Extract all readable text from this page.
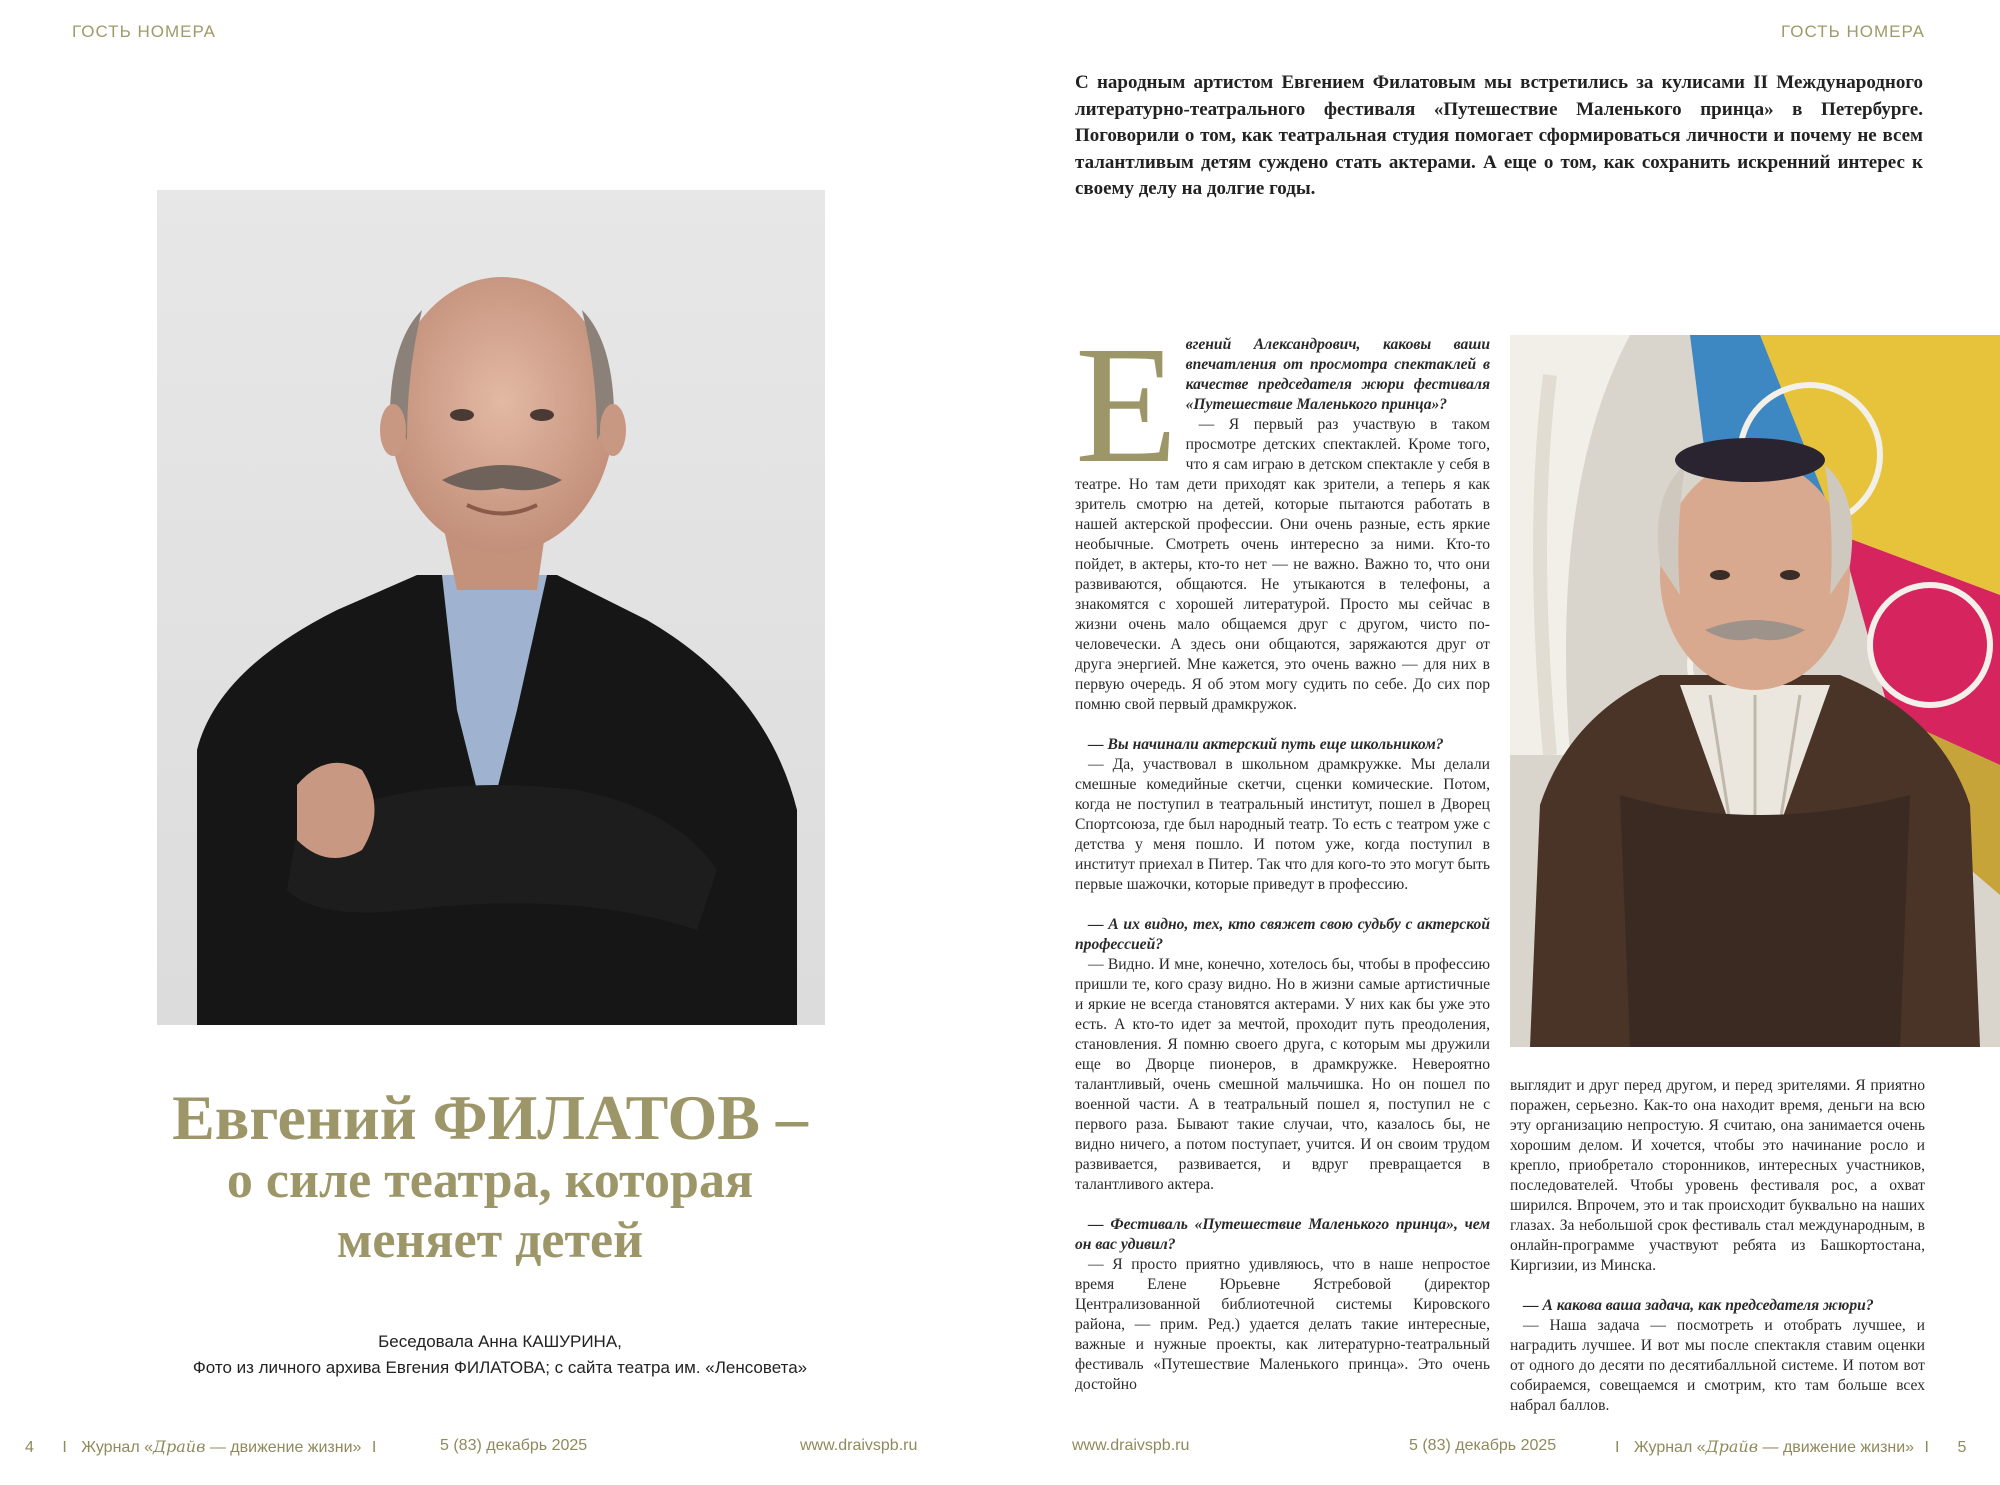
ГОСТЬ НОМЕРА	ГОСТЬ НОМЕРА
Евгений ФИЛАТОВ –
о силе театра, которая
меняет детей
Беседовала Анна КАШУРИНА,
Фото из личного архива Евгения ФИЛАТОВА; с сайта театра им. «Ленсовета»
С народным артистом Евгением Филатовым мы встретились за кулисами II Международного литературно-театрального фестиваля «Путешествие Маленького принца» в Петербурге. Поговорили о том, как театральная студия помогает сформироваться личности и почему не всем талантливым детям суждено стать актерами. А еще о том, как сохранить искренний интерес к своему делу на долгие годы.
Е вгений Александрович, каковы ваши впечатления от просмотра спектаклей в качестве председателя жюри фестиваля «Путешествие Маленького принца»?

— Я первый раз участвую в таком просмотре детских спектаклей. Кроме того, что я сам играю в детском спектакле у себя в театре. Но там дети приходят как зрители, а теперь я как зритель смотрю на детей, которые пытаются работать в нашей актерской профессии. Они очень разные, есть яркие необычные. Смотреть очень интересно за ними. Кто-то пойдет, в актеры, кто-то нет — не важно. Важно то, что они развиваются, общаются. Не утыкаются в телефоны, а знакомятся с хорошей литературой. Просто мы сейчас в жизни очень мало общаемся друг с другом, чисто по-человечески. А здесь они общаются, заряжаются друг от друга энергией. Мне кажется, это очень важно — для них в первую очередь. Я об этом могу судить по себе. До сих пор помню свой первый драмкружок.

— Вы начинали актерский путь еще школьником?

— Да, участвовал в школьном драмкружке. Мы делали смешные комедийные скетчи, сценки комические. Потом, когда не поступил в театральный институт, пошел в Дворец Спортсоюза, где был народный театр. То есть с театром уже с детства у меня пошло. И потом уже, когда поступил в институт приехал в Питер. Так что для кого-то это могут быть первые шажочки, которые приведут в профессию.

— А их видно, тех, кто свяжет свою судьбу с актерской профессией?

— Видно. И мне, конечно, хотелось бы, чтобы в профессию пришли те, кого сразу видно. Но в жизни самые артистичные и яркие не всегда становятся актерами. У них как бы уже это есть. А кто-то идет за мечтой, проходит путь преодоления, становления. Я помню своего друга, с которым мы дружили еще во Дворце пионеров, в драмкружке. Невероятно талантливый, очень смешной мальчишка. Но он пошел по военной части. А в театральный пошел я, поступил не с первого раза. Бывают такие случаи, что, казалось бы, не видно ничего, а потом поступает, учится. И он своим трудом развивается, развивается, и вдруг превращается в талантливого актера.

— Фестиваль «Путешествие Маленького принца», чем он вас удивил?

— Я просто приятно удивляюсь, что в наше непростое время Елене Юрьевне Ястребовой (директор Централизованной библиотечной системы Кировского района, — прим. Ред.) удается делать такие интересные, важные и нужные проекты, как литературно-театральный фестиваль «Путешествие Маленького принца». Это очень достойно

выглядит и друг перед другом, и перед зрителями. Я приятно поражен, серьезно. Как-то она находит время, деньги на всю эту организацию непростую. Я считаю, она занимается очень хорошим делом. И хочется, чтобы это начинание росло и крепло, приобретало сторонников, интересных участников, последователей. Чтобы уровень фестиваля рос, а охват ширился. Впрочем, это и так происходит буквально на наших глазах. За небольшой срок фестиваль стал международным, в онлайн-программе участвуют ребята из Башкортостана, Киргизии, из Минска.

— А какова ваша задача, как председателя жюри?

— Наша задача — посмотреть и отобрать лучшее, и наградить лучшее. И вот мы после спектакля ставим оценки от одного до десяти по десятибалльной системе. И потом вот собираемся, совещаемся и смотрим, кто там больше всех набрал баллов.

4 I Журнал «Драйв — движение жизни» I	5 (83) декабрь 2025	www.draivspb.ru	www.draivspb.ru	5 (83) декабрь 2025	I Журнал «Драйв — движение жизни» I 5
